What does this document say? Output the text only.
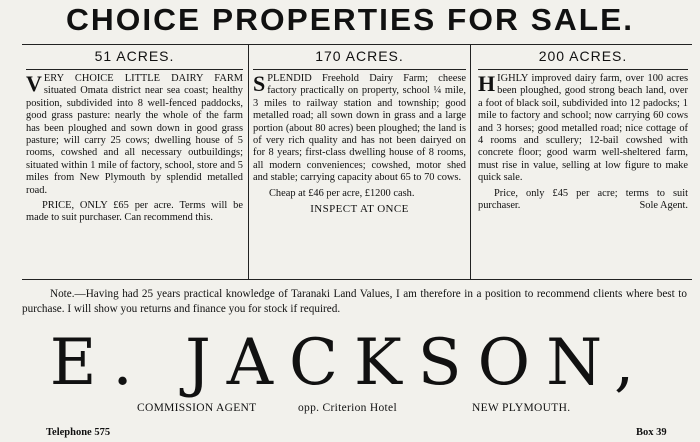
CHOICE PROPERTIES FOR SALE.
51 ACRES.

VERY CHOICE LITTLE DAIRY FARM situated Omata district near sea coast; healthy position, subdivided into 8 well-fenced paddocks, good grass pasture: nearly the whole of the farm has been ploughed and sown down in good grass pasture; will carry 25 cows; dwelling house of 5 rooms, cowshed and all necessary outbuildings; situated within 1 mile of factory, school, store and 5 miles from New Plymouth by splendid metalled road.

PRICE, ONLY £65 per acre. Terms will be made to suit purchaser. Can recommend this.

170 ACRES.

SPLENDID Freehold Dairy Farm; cheese factory practically on property, school ¼ mile, 3 miles to railway station and township; good metalled road; all sown down in grass and a large portion (about 80 acres) been ploughed; the land is of very rich quality and has not been dairyed on for 8 years; first-class dwelling house of 8 rooms, all modern conveniences; cowshed, motor shed and stable; carrying capacity about 65 to 70 cows.

Cheap at £46 per acre, £1200 cash.

INSPECT AT ONCE
200 ACRES.

HIGHLY improved dairy farm, over 100 acres been ploughed, good strong beach land, over a foot of black soil, subdivided into 12 padocks; 1 mile to factory and school; now carrying 60 cows and 3 horses; good metalled road; nice cottage of 4 rooms and scullery; 12-bail cowshed with concrete floor; good warm well-sheltered farm, must rise in value, selling at low figure to make quick sale.

Price, only £45 per acre; terms to suit purchaser.	Sole Agent.

Note.—Having had 25 years practical knowledge of Taranaki Land Values, I am therefore in a position to recommend clients where best to purchase. I will show you returns and finance you for stock if required.
E. JACKSON,
COMMISSION AGENT	opp. Criterion Hotel	NEW PLYMOUTH.
Telephone 575	Box 39
